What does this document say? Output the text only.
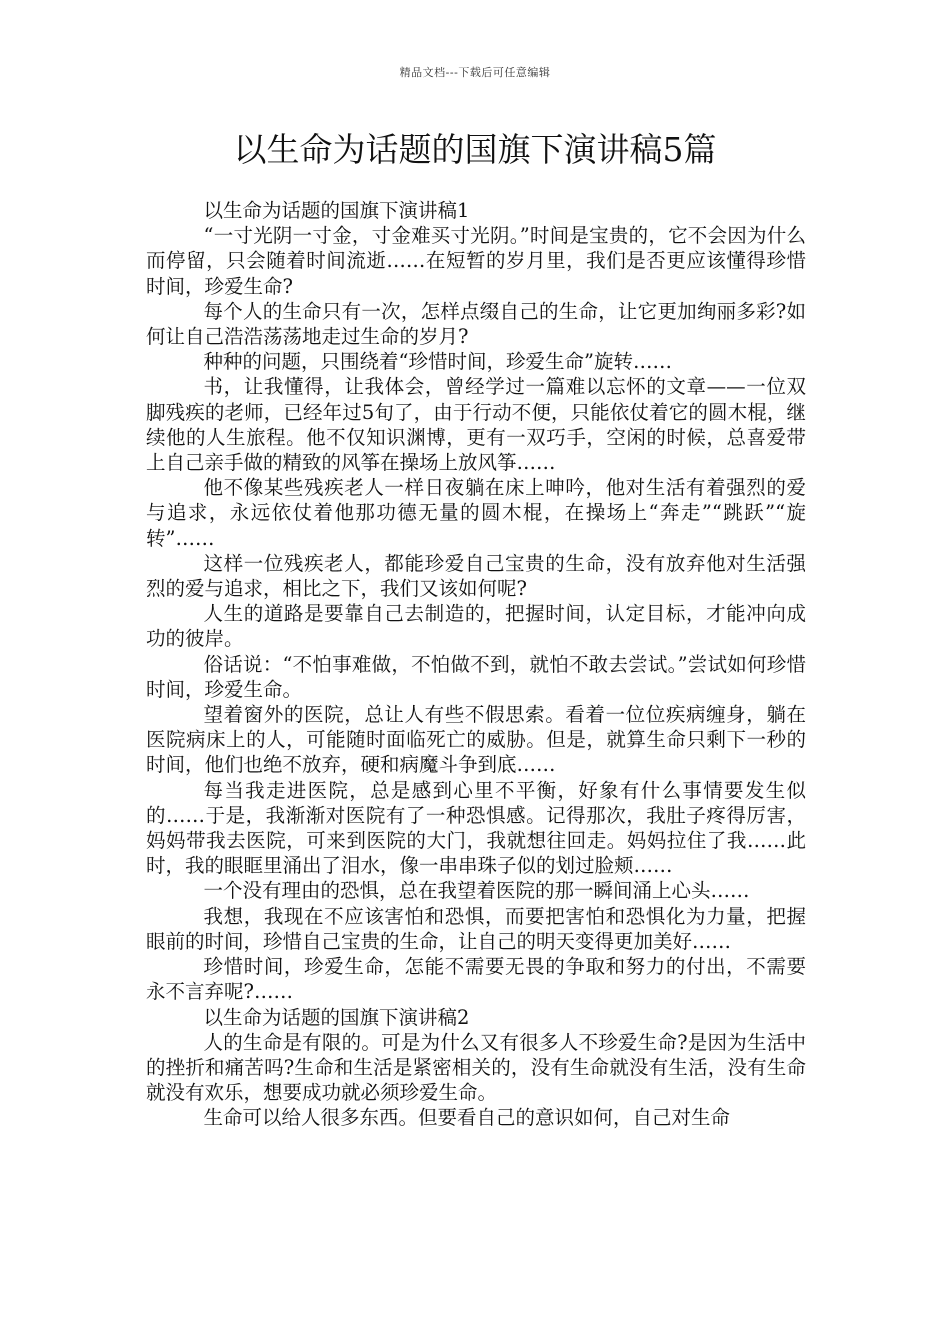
精品文档---下载后可任意编辑
以生命为话题的国旗下演讲稿5篇

以生命为话题的国旗下演讲稿1

“一寸光阴一寸金，寸金难买寸光阴。”时间是宝贵的，它不会因为什么而停留，只会随着时间流逝……在短暂的岁月里，我们是否更应该懂得珍惜时间，珍爱生命?

每个人的生命只有一次，怎样点缀自己的生命，让它更加绚丽多彩?如何让自己浩浩荡荡地走过生命的岁月?

种种的问题，只围绕着“珍惜时间，珍爱生命”旋转……

书，让我懂得，让我体会，曾经学过一篇难以忘怀的文章——一位双脚残疾的老师，已经年过5旬了，由于行动不便，只能依仗着它的圆木棍，继续他的人生旅程。他不仅知识渊博，更有一双巧手，空闲的时候，总喜爱带上自己亲手做的精致的风筝在操场上放风筝……

他不像某些残疾老人一样日夜躺在床上呻吟，他对生活有着强烈的爱与追求，永远依仗着他那功德无量的圆木棍，在操场上“奔走”“跳跃”“旋转”……

这样一位残疾老人，都能珍爱自己宝贵的生命，没有放弃他对生活强烈的爱与追求，相比之下，我们又该如何呢?

人生的道路是要靠自己去制造的，把握时间，认定目标，才能冲向成功的彼岸。

俗话说：“不怕事难做，不怕做不到，就怕不敢去尝试。”尝试如何珍惜时间，珍爱生命。

望着窗外的医院，总让人有些不假思索。看着一位位疾病缠身，躺在医院病床上的人，可能随时面临死亡的威胁。但是，就算生命只剩下一秒的时间，他们也绝不放弃，硬和病魔斗争到底……

每当我走进医院，总是感到心里不平衡，好象有什么事情要发生似的……于是，我渐渐对医院有了一种恐惧感。记得那次，我肚子疼得厉害，妈妈带我去医院，可来到医院的大门，我就想往回走。妈妈拉住了我……此时，我的眼眶里涌出了泪水，像一串串珠子似的划过脸颊……

一个没有理由的恐惧，总在我望着医院的那一瞬间涌上心头……

我想，我现在不应该害怕和恐惧，而要把害怕和恐惧化为力量，把握眼前的时间，珍惜自己宝贵的生命，让自己的明天变得更加美好……

珍惜时间，珍爱生命，怎能不需要无畏的争取和努力的付出，不需要永不言弃呢?……

以生命为话题的国旗下演讲稿2

人的生命是有限的。可是为什么又有很多人不珍爱生命?是因为生活中的挫折和痛苦吗?生命和生活是紧密相关的，没有生命就没有生活，没有生命就没有欢乐，想要成功就必须珍爱生命。

生命可以给人很多东西。但要看自己的意识如何，自己对生命
